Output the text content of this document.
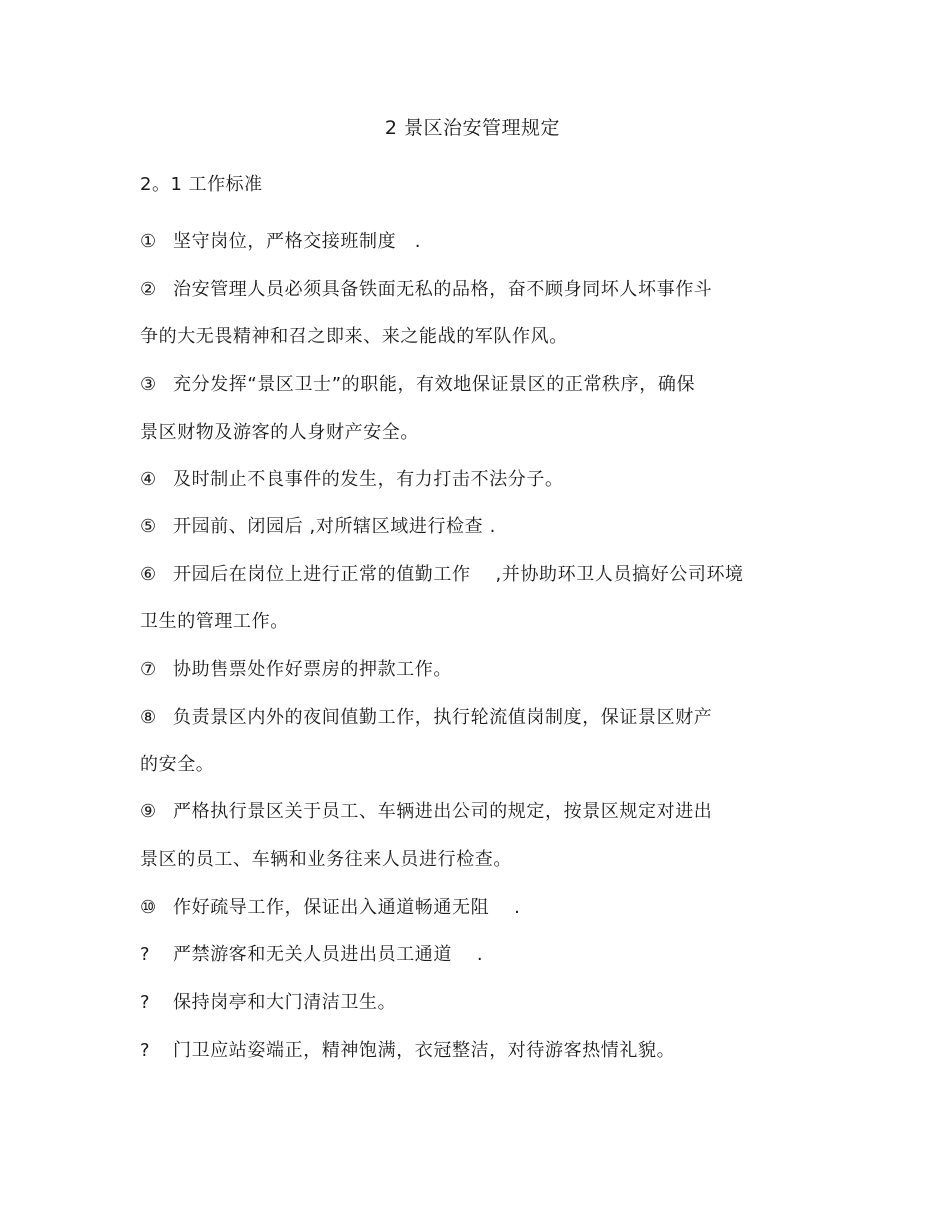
2 景区治安管理规定
2。1 工作标准
① 坚守岗位，严格交接班制度　.
② 治安管理人员必须具备铁面无私的品格，奋不顾身同坏人坏事作斗
争的大无畏精神和召之即来、来之能战的军队作风。
③ 充分发挥“景区卫士”的职能，有效地保证景区的正常秩序，确保
景区财物及游客的人身财产安全。
④ 及时制止不良事件的发生，有力打击不法分子。
⑤ 开园前、闭园后 ,对所辖区域进行检查 .
⑥ 开园后在岗位上进行正常的值勤工作　 ,并协助环卫人员搞好公司环境
卫生的管理工作。
⑦ 协助售票处作好票房的押款工作。
⑧ 负责景区内外的夜间值勤工作，执行轮流值岗制度，保证景区财产
的安全。
⑨ 严格执行景区关于员工、车辆进出公司的规定，按景区规定对进出
景区的员工、车辆和业务往来人员进行检查。
⑩ 作好疏导工作，保证出入通道畅通无阻　 .
? 严禁游客和无关人员进出员工通道　 .
? 保持岗亭和大门清洁卫生。
? 门卫应站姿端正，精神饱满，衣冠整洁，对待游客热情礼貌。
